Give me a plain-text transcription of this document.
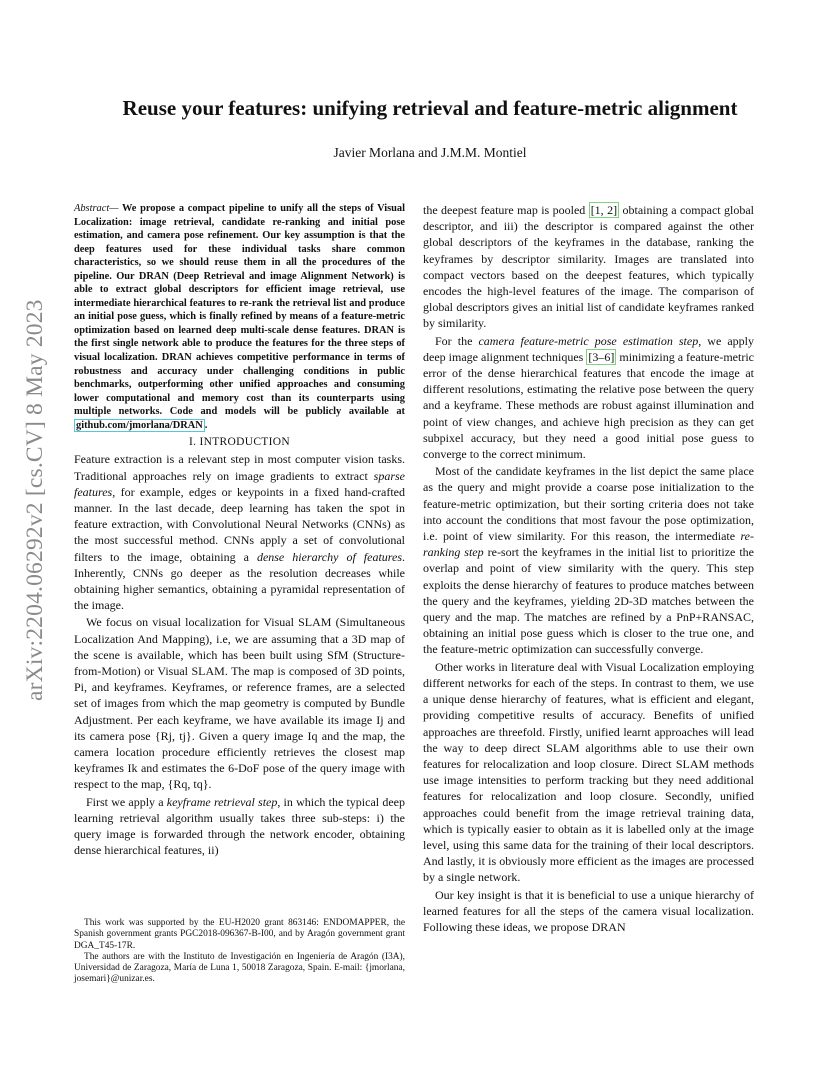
arXiv:2204.06292v2 [cs.CV] 8 May 2023
Reuse your features: unifying retrieval and feature-metric alignment
Javier Morlana and J.M.M. Montiel

Abstract— We propose a compact pipeline to unify all the steps of Visual Localization: image retrieval, candidate re-ranking and initial pose estimation, and camera pose refinement. Our key assumption is that the deep features used for these individual tasks share common characteristics, so we should reuse them in all the procedures of the pipeline. Our DRAN (Deep Retrieval and image Alignment Network) is able to extract global descriptors for efficient image retrieval, use intermediate hierarchical features to re-rank the retrieval list and produce an initial pose guess, which is finally refined by means of a feature-metric optimization based on learned deep multi-scale dense features. DRAN is the first single network able to produce the features for the three steps of visual localization. DRAN achieves competitive performance in terms of robustness and accuracy under challenging conditions in public benchmarks, outperforming other unified approaches and consuming lower computational and memory cost than its counterparts using multiple networks. Code and models will be publicly available at github.com/jmorlana/DRAN .

I. INTRODUCTION

Feature extraction is a relevant step in most computer vision tasks. Traditional approaches rely on image gradients to extract sparse features, for example, edges or keypoints in a fixed hand-crafted manner. In the last decade, deep learning has taken the spot in feature extraction, with Convolutional Neural Networks (CNNs) as the most successful method. CNNs apply a set of convolutional filters to the image, obtaining a dense hierarchy of features. Inherently, CNNs go deeper as the resolution decreases while obtaining higher semantics, obtaining a pyramidal representation of the image.

We focus on visual localization for Visual SLAM (Simultaneous Localization And Mapping), i.e, we are assuming that a 3D map of the scene is available, which has been built using SfM (Structure-from-Motion) or Visual SLAM. The map is composed of 3D points, Pi, and keyframes. Keyframes, or reference frames, are a selected set of images from which the map geometry is computed by Bundle Adjustment. Per each keyframe, we have available its image Ij and its camera pose {Rj, tj}. Given a query image Iq and the map, the camera location procedure efficiently retrieves the closest map keyframes Ik and estimates the 6-DoF pose of the query image with respect to the map, {Rq, tq}.

First we apply a keyframe retrieval step, in which the typical deep learning retrieval algorithm usually takes three sub-steps: i) the query image is forwarded through the network encoder, obtaining dense hierarchical features, ii)

This work was supported by the EU-H2020 grant 863146: ENDOMAPPER, the Spanish government grants PGC2018-096367-B-I00, and by Aragón government grant DGA_T45-17R.

The authors are with the Instituto de Investigación en Ingeniería de Aragón (I3A), Universidad de Zaragoza, María de Luna 1, 50018 Zaragoza, Spain. E-mail: {jmorlana, josemari}@unizar.es.

the deepest feature map is pooled [1, 2] obtaining a compact global descriptor, and iii) the descriptor is compared against the other global descriptors of the keyframes in the database, ranking the keyframes by descriptor similarity. Images are translated into compact vectors based on the deepest features, which typically encodes the high-level features of the image. The comparison of global descriptors gives an initial list of candidate keyframes ranked by similarity.

For the camera feature-metric pose estimation step, we apply deep image alignment techniques [3–6] minimizing a feature-metric error of the dense hierarchical features that encode the image at different resolutions, estimating the relative pose between the query and a keyframe. These methods are robust against illumination and point of view changes, and achieve high precision as they can get subpixel accuracy, but they need a good initial pose guess to converge to the correct minimum.

Most of the candidate keyframes in the list depict the same place as the query and might provide a coarse pose initialization to the feature-metric optimization, but their sorting criteria does not take into account the conditions that most favour the pose optimization, i.e. point of view similarity. For this reason, the intermediate re-ranking step re-sort the keyframes in the initial list to prioritize the overlap and point of view similarity with the query. This step exploits the dense hierarchy of features to produce matches between the query and the keyframes, yielding 2D-3D matches between the query and the map. The matches are refined by a PnP+RANSAC, obtaining an initial pose guess which is closer to the true one, and the feature-metric optimization can successfully converge.

Other works in literature deal with Visual Localization employing different networks for each of the steps. In contrast to them, we use a unique dense hierarchy of features, what is efficient and elegant, providing competitive results of accuracy. Benefits of unified approaches are threefold. Firstly, unified learnt approaches will lead the way to deep direct SLAM algorithms able to use their own features for relocalization and loop closure. Direct SLAM methods use image intensities to perform tracking but they need additional features for relocalization and loop closure. Secondly, unified approaches could benefit from the image retrieval training data, which is typically easier to obtain as it is labelled only at the image level, using this same data for the training of their local descriptors. And lastly, it is obviously more efficient as the images are processed by a single network.

Our key insight is that it is beneficial to use a unique hierarchy of learned features for all the steps of the camera visual localization. Following these ideas, we propose DRAN
